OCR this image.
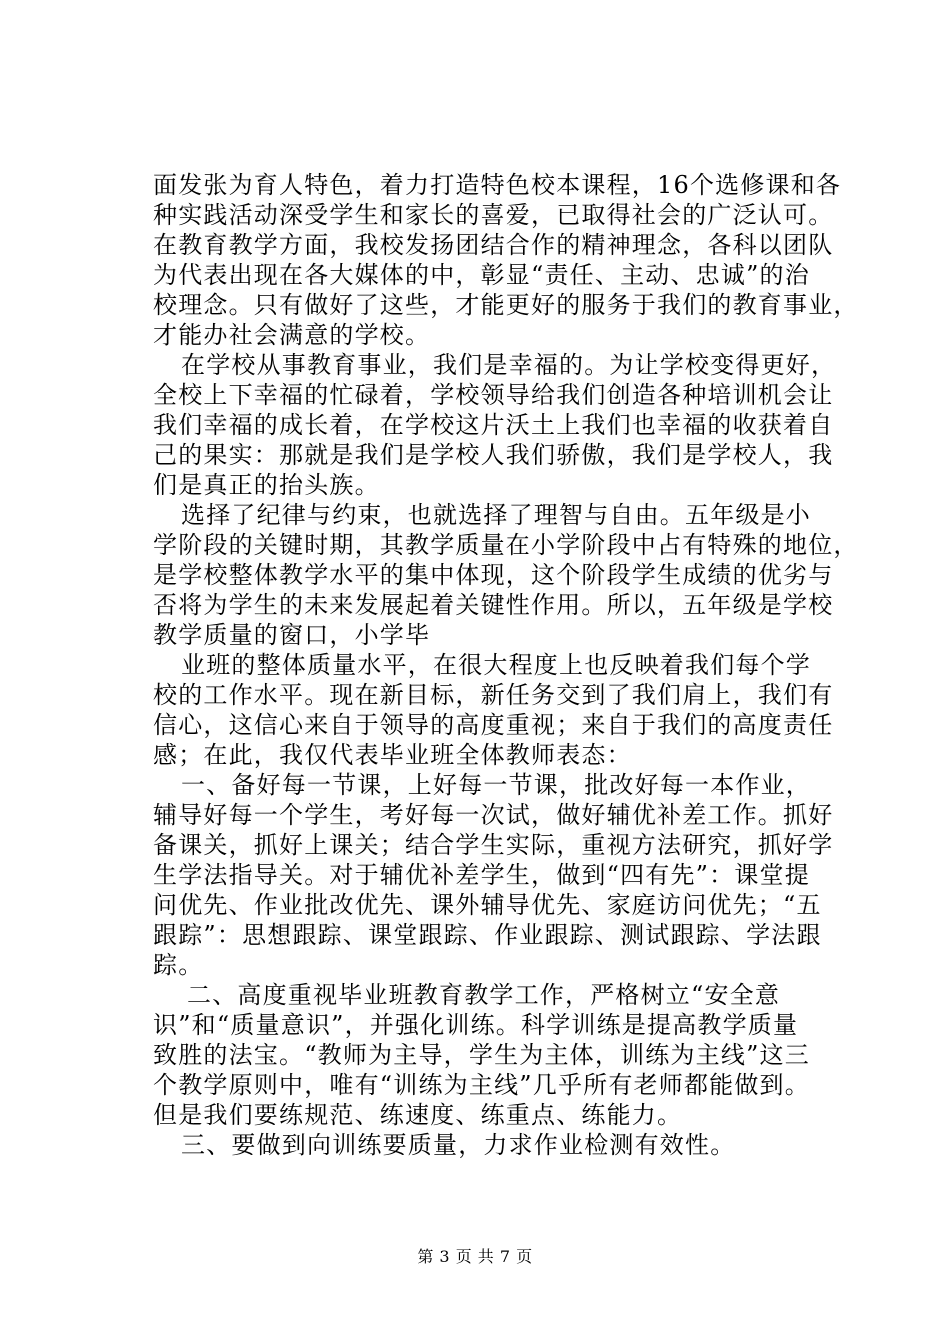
面发张为育人特色，着力打造特色校本课程，16个选修课和各
种实践活动深受学生和家长的喜爱，已取得社会的广泛认可。
在教育教学方面，我校发扬团结合作的精神理念，各科以团队
为代表出现在各大媒体的中，彰显“责任、主动、忠诚”的治
校理念。只有做好了这些，才能更好的服务于我们的教育事业，
才能办社会满意的学校。
在学校从事教育事业，我们是幸福的。为让学校变得更好，
全校上下幸福的忙碌着，学校领导给我们创造各种培训机会让
我们幸福的成长着，在学校这片沃土上我们也幸福的收获着自
己的果实：那就是我们是学校人我们骄傲，我们是学校人，我
们是真正的抬头族。
选择了纪律与约束，也就选择了理智与自由。五年级是小
学阶段的关键时期，其教学质量在小学阶段中占有特殊的地位，
是学校整体教学水平的集中体现，这个阶段学生成绩的优劣与
否将为学生的未来发展起着关键性作用。所以，五年级是学校
教学质量的窗口，小学毕
业班的整体质量水平，在很大程度上也反映着我们每个学
校的工作水平。现在新目标，新任务交到了我们肩上，我们有
信心，这信心来自于领导的高度重视；来自于我们的高度责任
感；在此，我仅代表毕业班全体教师表态：
一、备好每一节课，上好每一节课，批改好每一本作业，
辅导好每一个学生，考好每一次试，做好辅优补差工作。抓好
备课关，抓好上课关；结合学生实际，重视方法研究，抓好学
生学法指导关。对于辅优补差学生，做到“四有先”：课堂提
问优先、作业批改优先、课外辅导优先、家庭访问优先；“五
跟踪”：思想跟踪、课堂跟踪、作业跟踪、测试跟踪、学法跟
踪。
二、高度重视毕业班教育教学工作，严格树立“安全意
识”和“质量意识”，并强化训练。科学训练是提高教学质量
致胜的法宝。“教师为主导，学生为主体，训练为主线”这三
个教学原则中，唯有“训练为主线”几乎所有老师都能做到。
但是我们要练规范、练速度、练重点、练能力。
三、要做到向训练要质量，力求作业检测有效性。
第 3 页 共 7 页
